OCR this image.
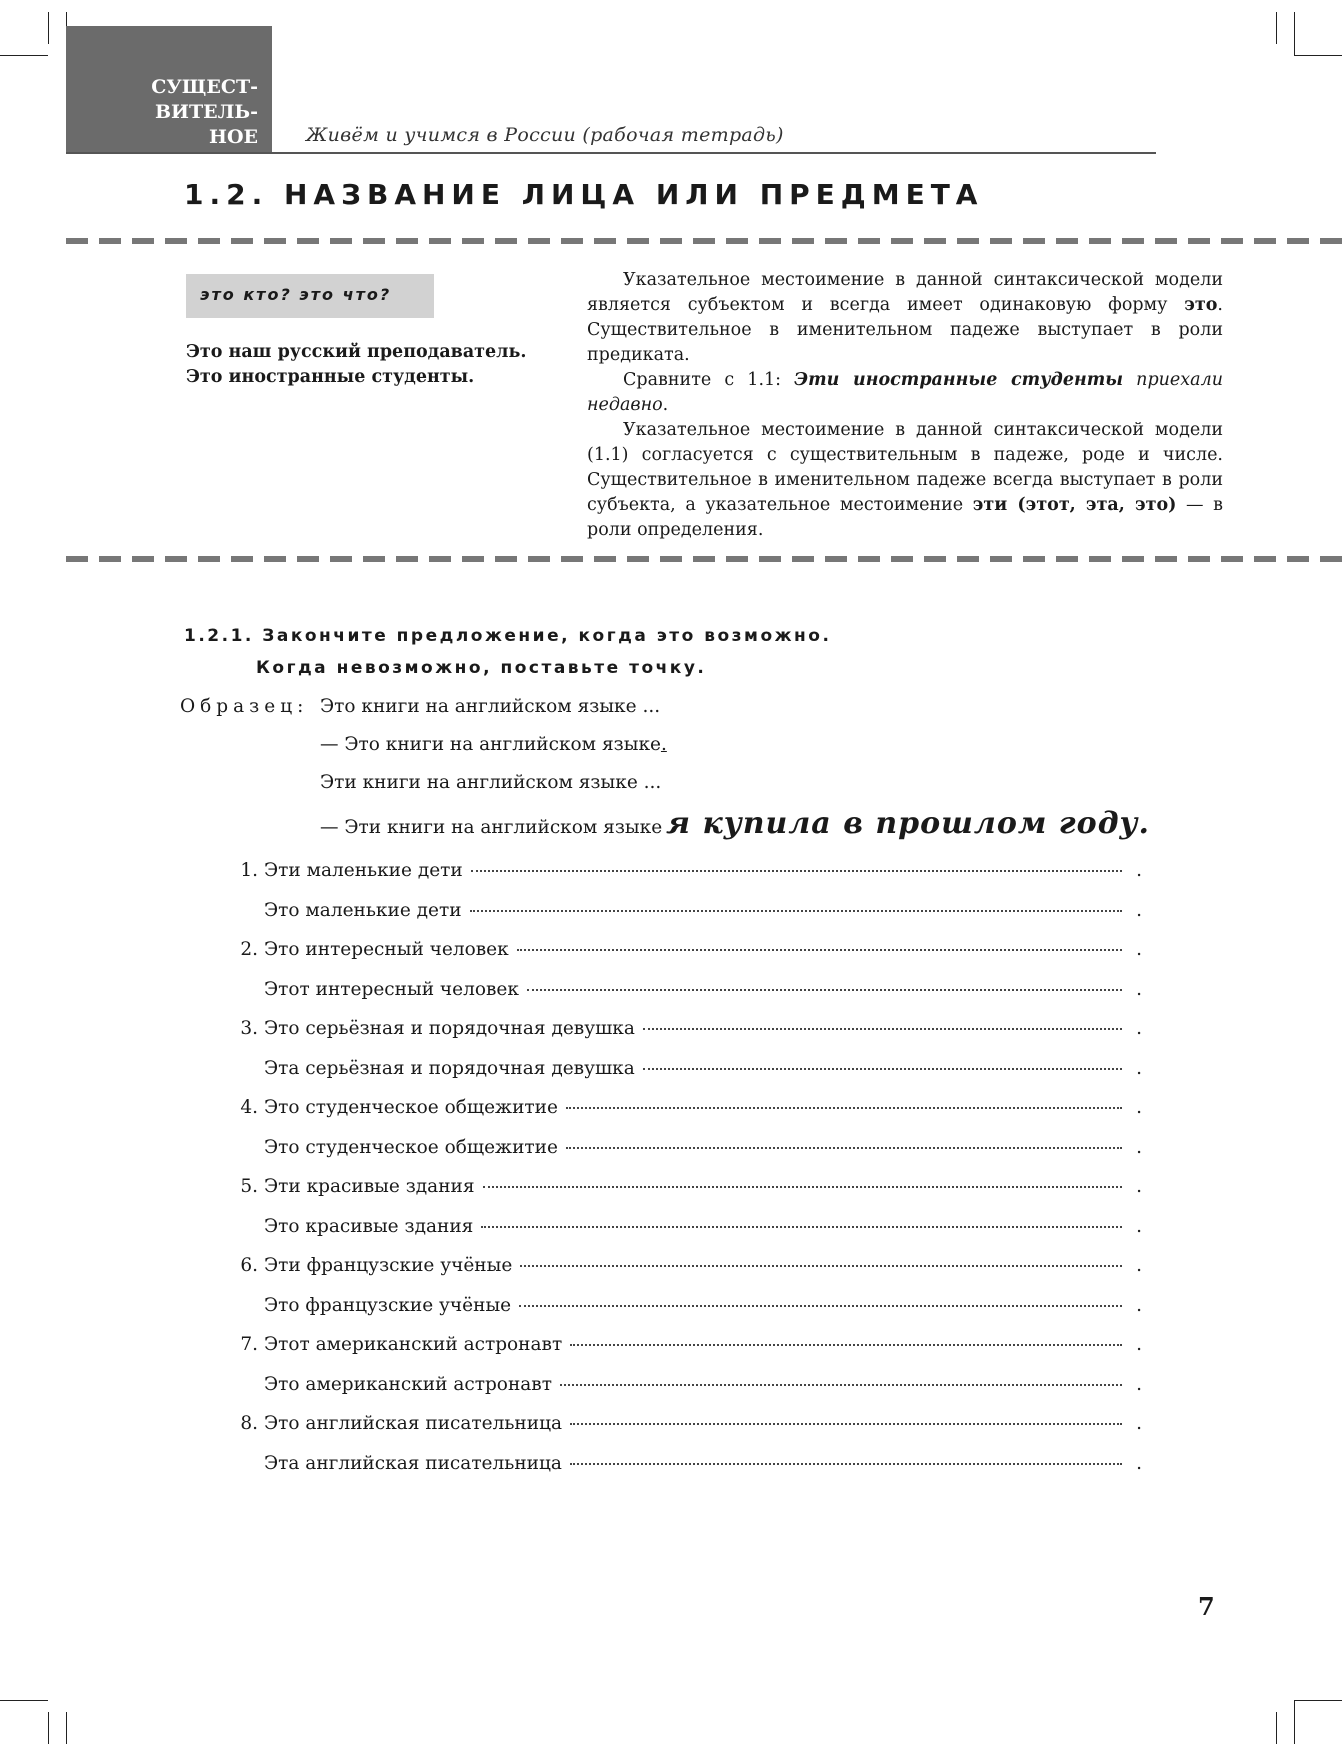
СУЩЕСТ-
ВИТЕЛЬ-
НОЕ	Живём и учимся в России (рабочая тетрадь)
1.2. НАЗВАНИЕ ЛИЦА ИЛИ ПРЕДМЕТА
это кто? это что?
Это наш русский преподаватель.
Это иностранные студенты.

Указательное местоимение в данной синтаксической модели является субъектом и всегда имеет одинаковую форму это. Существительное в именительном падеже выступает в роли предиката.

Сравните с 1.1: Эти иностранные студенты приехали недавно.

Указательное местоимение в данной синтаксической модели (1.1) согласуется с существительным в падеже, роде и числе. Существительное в именительном падеже всегда выступает в роли субъекта, а указательное местоимение эти (этот, эта, это) — в роли определения.

1.2.1. Закончите предложение, когда это возможно.
Когда невозможно, поставьте точку.
Образец: Это книги на английском языке ...
— Это книги на английском языке.
Эти книги на английском языке ...
— Эти книги на английском языке я купила в прошлом году.
1. Эти маленькие дети	.
Это маленькие дети	.
2. Это интересный человек	.
Этот интересный человек	.
3. Это серьёзная и порядочная девушка	.
Эта серьёзная и порядочная девушка	.
4. Это студенческое общежитие	.
Это студенческое общежитие	.
5. Эти красивые здания	.
Это красивые здания	.
6. Эти французские учёные	.
Это французские учёные	.
7. Этот американский астронавт	.
Это американский астронавт	.
8. Это английская писательница	.
Эта английская писательница	.
7
